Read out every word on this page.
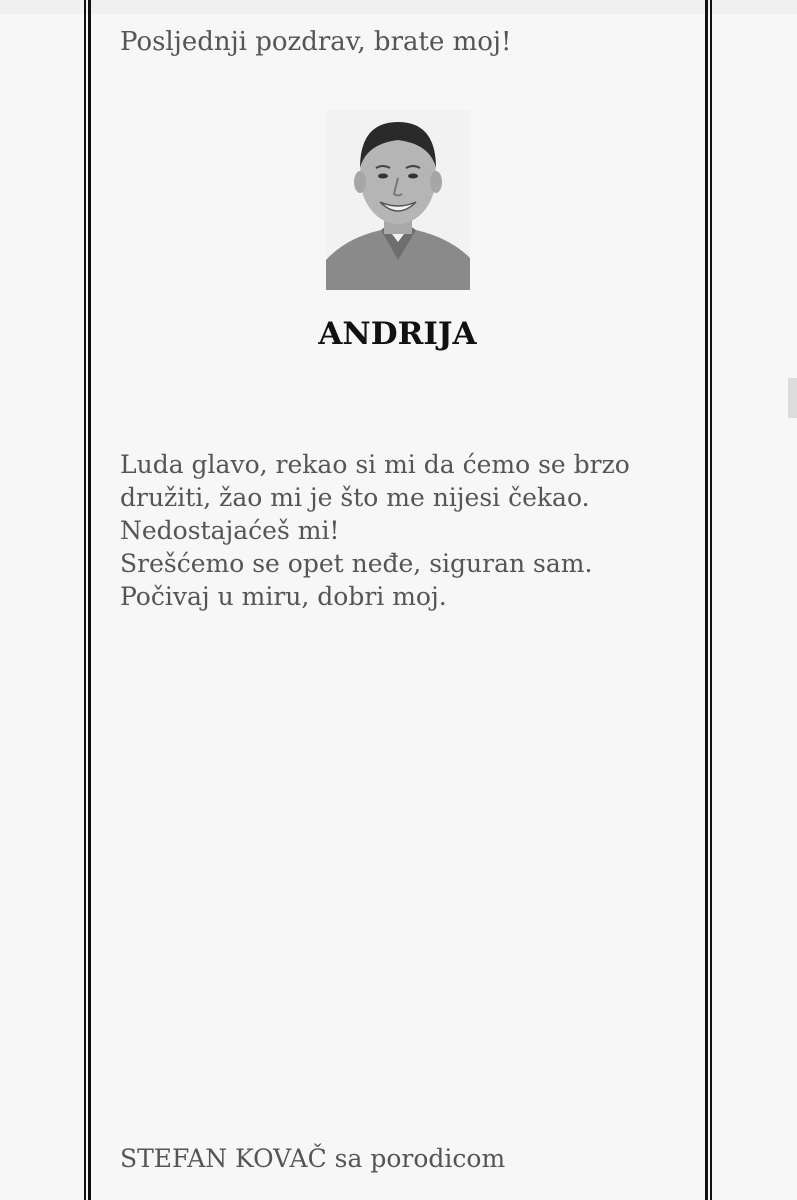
Posljednji pozdrav, brate moj!
ANDRIJA
Luda glavo, rekao si mi da ćemo se brzo
družiti, žao mi je što me nijesi čekao.
Nedostajaćeš mi!
Srešćemo se opet neđe, siguran sam.
Počivaj u miru, dobri moj.
STEFAN KOVAČ sa porodicom
